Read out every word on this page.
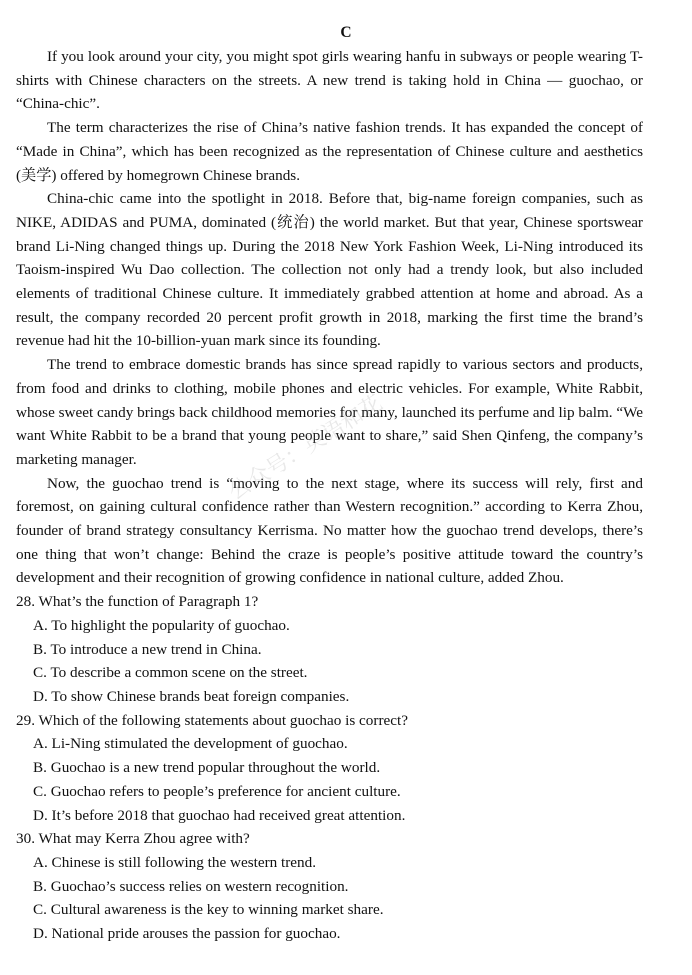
C

If you look around your city, you might spot girls wearing hanfu in subways or people wearing T-shirts with Chinese characters on the streets. A new trend is taking hold in China — guochao, or “China-chic”.

The term characterizes the rise of China’s native fashion trends. It has expanded the concept of “Made in China”, which has been recognized as the representation of Chinese culture and aesthetics (美学) offered by homegrown Chinese brands.

China-chic came into the spotlight in 2018. Before that, big-name foreign companies, such as NIKE, ADIDAS and PUMA, dominated (统治) the world market. But that year, Chinese sportswear brand Li-Ning changed things up. During the 2018 New York Fashion Week, Li-Ning introduced its Taoism-inspired Wu Dao collection. The collection not only had a trendy look, but also included elements of traditional Chinese culture. It immediately grabbed attention at home and abroad. As a result, the company recorded 20 percent profit growth in 2018, marking the first time the brand’s revenue had hit the 10-billion-yuan mark since its founding.

The trend to embrace domestic brands has since spread rapidly to various sectors and products, from food and drinks to clothing, mobile phones and electric vehicles. For example, White Rabbit, whose sweet candy brings back childhood memories for many, launched its perfume and lip balm. “We want White Rabbit to be a brand that young people want to share,” said Shen Qinfeng, the company’s marketing manager.

Now, the guochao trend is “moving to the next stage, where its success will rely, first and foremost, on gaining cultural confidence rather than Western recognition.” according to Kerra Zhou, founder of brand strategy consultancy Kerrisma. No matter how the guochao trend develops, there’s one thing that won’t change: Behind the craze is people’s positive attitude toward the country’s development and their recognition of growing confidence in national culture, added Zhou.

28. What’s the function of Paragraph 1?

A. To highlight the popularity of guochao.

B. To introduce a new trend in China.

C. To describe a common scene on the street.

D. To show Chinese brands beat foreign companies.

29. Which of the following statements about guochao is correct?

A. Li-Ning stimulated the development of guochao.

B. Guochao is a new trend popular throughout the world.

C. Guochao refers to people’s preference for ancient culture.

D. It’s before 2018 that guochao had received great attention.

30. What may Kerra Zhou agree with?

A. Chinese is still following the western trend.

B. Guochao’s success relies on western recognition.

C. Cultural awareness is the key to winning market share.

D. National pride arouses the passion for guochao.

公众号：英语和花
